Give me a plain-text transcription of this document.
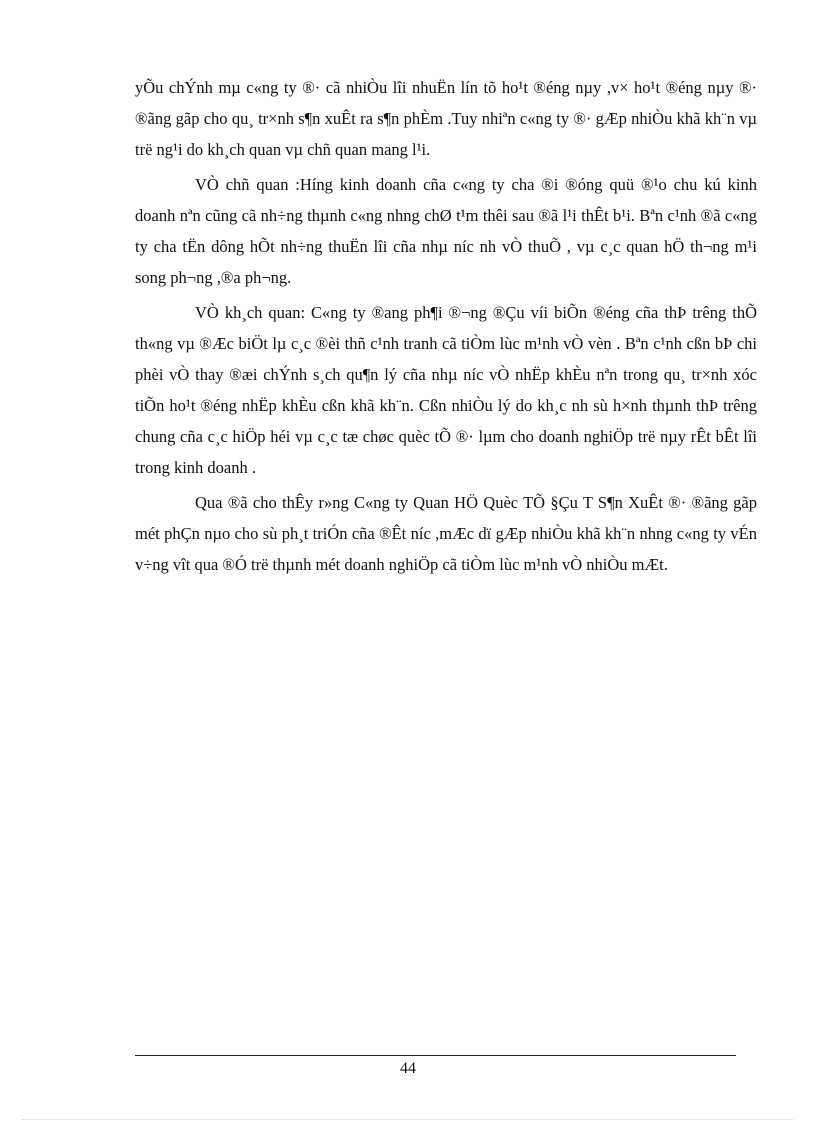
yÕu chÝnh mµ c«ng ty ®· cã nhiÒu lîi nhuËn lín tõ ho¹t ®éng nµy ,v× ho¹t ®éng nµy ®· ®ãng gãp cho qu¸ tr×nh s¶n xuÊt ra s¶n phÈm .Tuy nhiªn c«ng ty ®· gÆp nhiÒu khã kh¨n vµ trë ng¹i do kh¸ch quan vµ chñ quan mang l¹i.

VÒ chñ quan :Híng kinh doanh cña c«ng ty cha ®i ®óng quü ®¹o chu kú kinh doanh nªn cũng cã nh÷ng thµnh c«ng nhng chØ t¹m thêi sau ®ã l¹i thÊt b¹i. Bªn c¹nh ®ã c«ng ty cha tËn dông hÕt nh÷ng thuËn lîi cña nhµ níc nh vÒ thuÕ , vµ c¸c quan hÖ th¬ng m¹i song ph¬ng ,®a ph¬ng.

VÒ kh¸ch quan: C«ng ty ®ang ph¶i ®¬ng ®Çu víi biÕn ®éng cña thÞ trêng thÕ th«ng vµ ®Æc biÖt lµ c¸c ®èi thñ c¹nh tranh cã tiÒm lùc m¹nh vÒ vèn . Bªn c¹nh cßn bÞ chi phèi vÒ thay ®æi chÝnh s¸ch qu¶n lý cña nhµ níc vÒ nhËp khÈu nªn trong qu¸ tr×nh xóc tiÕn ho¹t ®éng nhËp khÈu cßn khã kh¨n. Cßn nhiÒu lý do kh¸c nh sù h×nh thµnh thÞ trêng chung cña c¸c hiÖp héi vµ c¸c tæ chøc quèc tÕ ®· lµm cho doanh nghiÖp trë nµy rÊt bÊt lîi trong kinh doanh .

Qua ®ã cho thÊy r»ng C«ng ty Quan HÖ Quèc TÕ §Çu T S¶n XuÊt ®· ®ãng gãp mét phÇn nµo cho sù ph¸t triÓn cña ®Êt níc ,mÆc dï gÆp nhiÒu khã kh¨n nhng c«ng ty vÉn v÷ng vît qua ®Ó trë thµnh mét doanh nghiÖp cã tiÒm lùc m¹nh vÒ nhiÒu mÆt.

44
